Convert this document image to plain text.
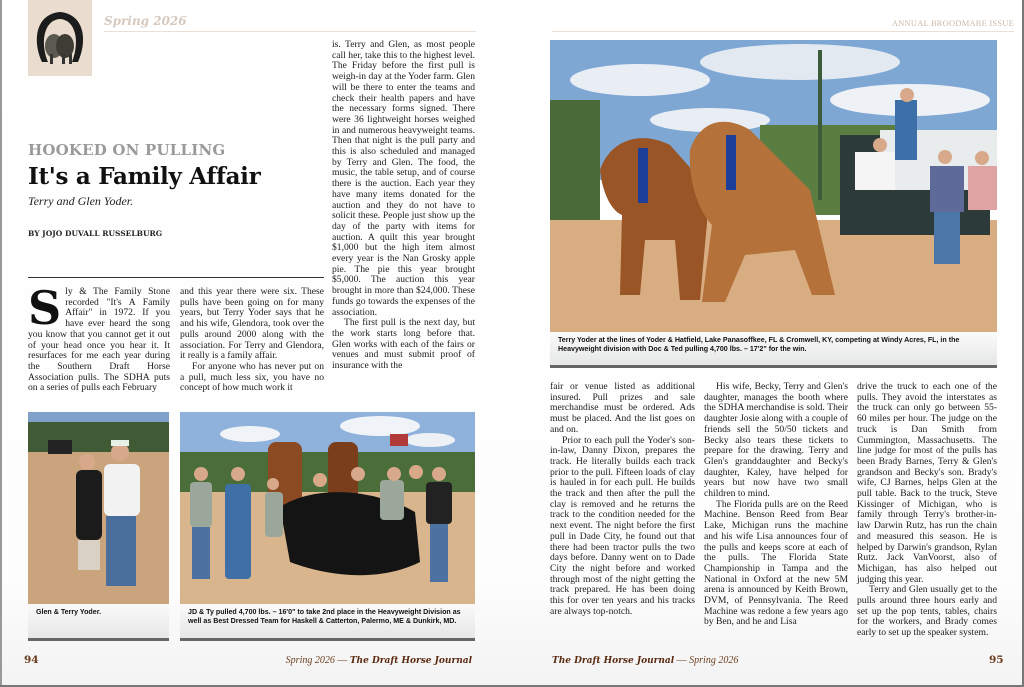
Spring 2026
HOOKED ON PULLING
It's a Family Affair
Terry and Glen Yoder.
BY JOJO DUVALL RUSSELBURG

Sly & The Family Stone recorded "It's A Family Affair" in 1972. If you have ever heard the song you know that you cannot get it out of your head once you hear it. It resurfaces for me each year during the Southern Draft Horse Association pulls. The SDHA puts on a series of pulls each February

and this year there were six. These pulls have been going on for many years, but Terry Yoder says that he and his wife, Glendora, took over the pulls around 2000 along with the association. For Terry and Glendora, it really is a family affair.

For anyone who has never put on a pull, much less six, you have no concept of how much work it

is. Terry and Glen, as most people call her, take this to the highest level. The Friday before the first pull is weigh-in day at the Yoder farm. Glen will be there to enter the teams and check their health papers and have the necessary forms signed. There were 36 lightweight horses weighed in and numerous heavyweight teams. Then that night is the pull party and this is also scheduled and managed by Terry and Glen. The food, the music, the table setup, and of course there is the auction. Each year they have many items donated for the auction and they do not have to solicit these. People just show up the day of the party with items for auction. A quilt this year brought $1,000 but the high item almost every year is the Nan Grosky apple pie. The pie this year brought $5,000. The auction this year brought in more than $24,000. These funds go towards the expenses of the association.

The first pull is the next day, but the work starts long before that. Glen works with each of the fairs or venues and must submit proof of insurance with the

Glen & Terry Yoder.	JD & Ty pulled 4,700 lbs. – 16'0" to take 2nd place in the Heavyweight Division as well as Best Dressed Team for Haskell & Catterton, Palermo, ME & Dunkirk, MD.
94	Spring 2026 — The Draft Horse Journal
ANNUAL BROODMARE ISSUE
Terry Yoder at the lines of Yoder & Hatfield, Lake Panasoffkee, FL & Cromwell, KY, competing at Windy Acres, FL, in the Heavyweight division with Doc & Ted pulling 4,700 lbs. – 17'2" for the win.

fair or venue listed as additional insured. Pull prizes and sale merchandise must be ordered. Ads must be placed. And the list goes on and on.

Prior to each pull the Yoder's son-in-law, Danny Dixon, prepares the track. He literally builds each track prior to the pull. Fifteen loads of clay is hauled in for each pull. He builds the track and then after the pull the clay is removed and he returns the track to the condition needed for the next event. The night before the first pull in Dade City, he found out that there had been tractor pulls the two days before. Danny went on to Dade City the night before and worked through most of the night getting the track prepared. He has been doing this for over ten years and his tracks are always top-notch.

His wife, Becky, Terry and Glen's daughter, manages the booth where the SDHA merchandise is sold. Their daughter Josie along with a couple of friends sell the 50/50 tickets and Becky also tears these tickets to prepare for the drawing. Terry and Glen's granddaughter and Becky's daughter, Kaley, have helped for years but now have two small children to mind.

The Florida pulls are on the Reed Machine. Benson Reed from Bear Lake, Michigan runs the machine and his wife Lisa announces four of the pulls and keeps score at each of the pulls. The Florida State Championship in Tampa and the National in Oxford at the new 5M arena is announced by Keith Brown, DVM, of Pennsylvania. The Reed Machine was redone a few years ago by Ben, and he and Lisa

drive the truck to each one of the pulls. They avoid the interstates as the truck can only go between 55-60 miles per hour. The judge on the truck is Dan Smith from Cummington, Massachusetts. The line judge for most of the pulls has been Brady Barnes, Terry & Glen's grandson and Becky's son. Brady's wife, CJ Barnes, helps Glen at the pull table. Back to the truck, Steve Kissinger of Michigan, who is family through Terry's brother-in-law Darwin Rutz, has run the chain and measured this season. He is helped by Darwin's grandson, Rylan Rutz. Jack VanVoorst, also of Michigan, has also helped out judging this year.

Terry and Glen usually get to the pulls around three hours early and set up the pop tents, tables, chairs for the workers, and Brady comes early to set up the speaker system.

The Draft Horse Journal — Spring 2026	95
